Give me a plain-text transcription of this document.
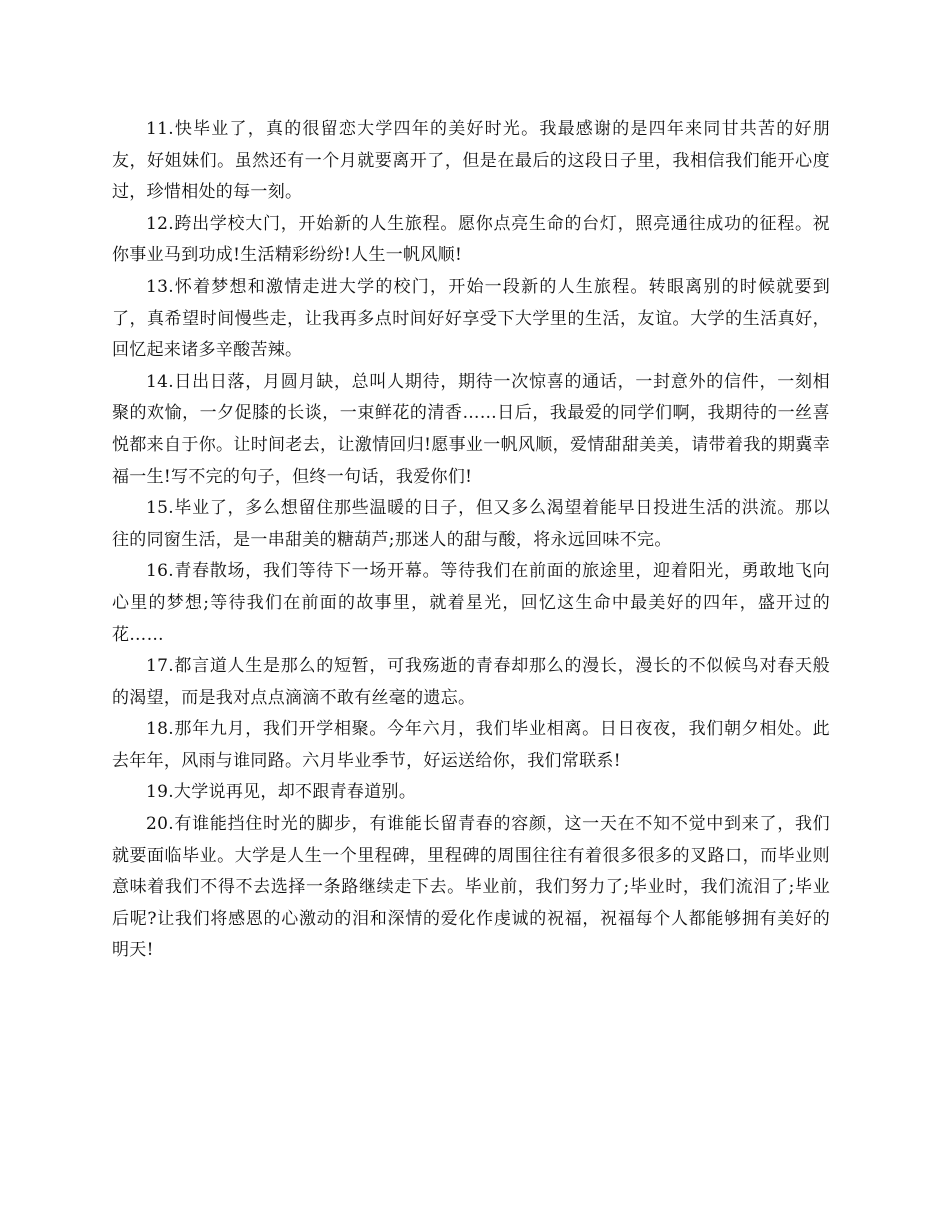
11.快毕业了，真的很留恋大学四年的美好时光。我最感谢的是四年来同甘共苦的好朋友，好姐妹们。虽然还有一个月就要离开了，但是在最后的这段日子里，我相信我们能开心度过，珍惜相处的每一刻。

12.跨出学校大门，开始新的人生旅程。愿你点亮生命的台灯，照亮通往成功的征程。祝你事业马到功成!生活精彩纷纷!人生一帆风顺!

13.怀着梦想和激情走进大学的校门，开始一段新的人生旅程。转眼离别的时候就要到了，真希望时间慢些走，让我再多点时间好好享受下大学里的生活，友谊。大学的生活真好，回忆起来诸多辛酸苦辣。

14.日出日落，月圆月缺，总叫人期待，期待一次惊喜的通话，一封意外的信件，一刻相聚的欢愉，一夕促膝的长谈，一束鲜花的清香……日后，我最爱的同学们啊，我期待的一丝喜悦都来自于你。让时间老去，让激情回归!愿事业一帆风顺，爱情甜甜美美，请带着我的期冀幸福一生!写不完的句子，但终一句话，我爱你们!

15.毕业了，多么想留住那些温暖的日子，但又多么渴望着能早日投进生活的洪流。那以往的同窗生活，是一串甜美的糖葫芦;那迷人的甜与酸，将永远回味不完。

16.青春散场，我们等待下一场开幕。等待我们在前面的旅途里，迎着阳光，勇敢地飞向心里的梦想;等待我们在前面的故事里，就着星光，回忆这生命中最美好的四年，盛开过的花……

17.都言道人生是那么的短暂，可我殇逝的青春却那么的漫长，漫长的不似候鸟对春天般的渴望，而是我对点点滴滴不敢有丝毫的遗忘。

18.那年九月，我们开学相聚。今年六月，我们毕业相离。日日夜夜，我们朝夕相处。此去年年，风雨与谁同路。六月毕业季节，好运送给你，我们常联系!

19.大学说再见，却不跟青春道别。

20.有谁能挡住时光的脚步，有谁能长留青春的容颜，这一天在不知不觉中到来了，我们就要面临毕业。大学是人生一个里程碑，里程碑的周围往往有着很多很多的叉路口，而毕业则意味着我们不得不去选择一条路继续走下去。毕业前，我们努力了;毕业时，我们流泪了;毕业后呢?让我们将感恩的心激动的泪和深情的爱化作虔诚的祝福，祝福每个人都能够拥有美好的明天!
